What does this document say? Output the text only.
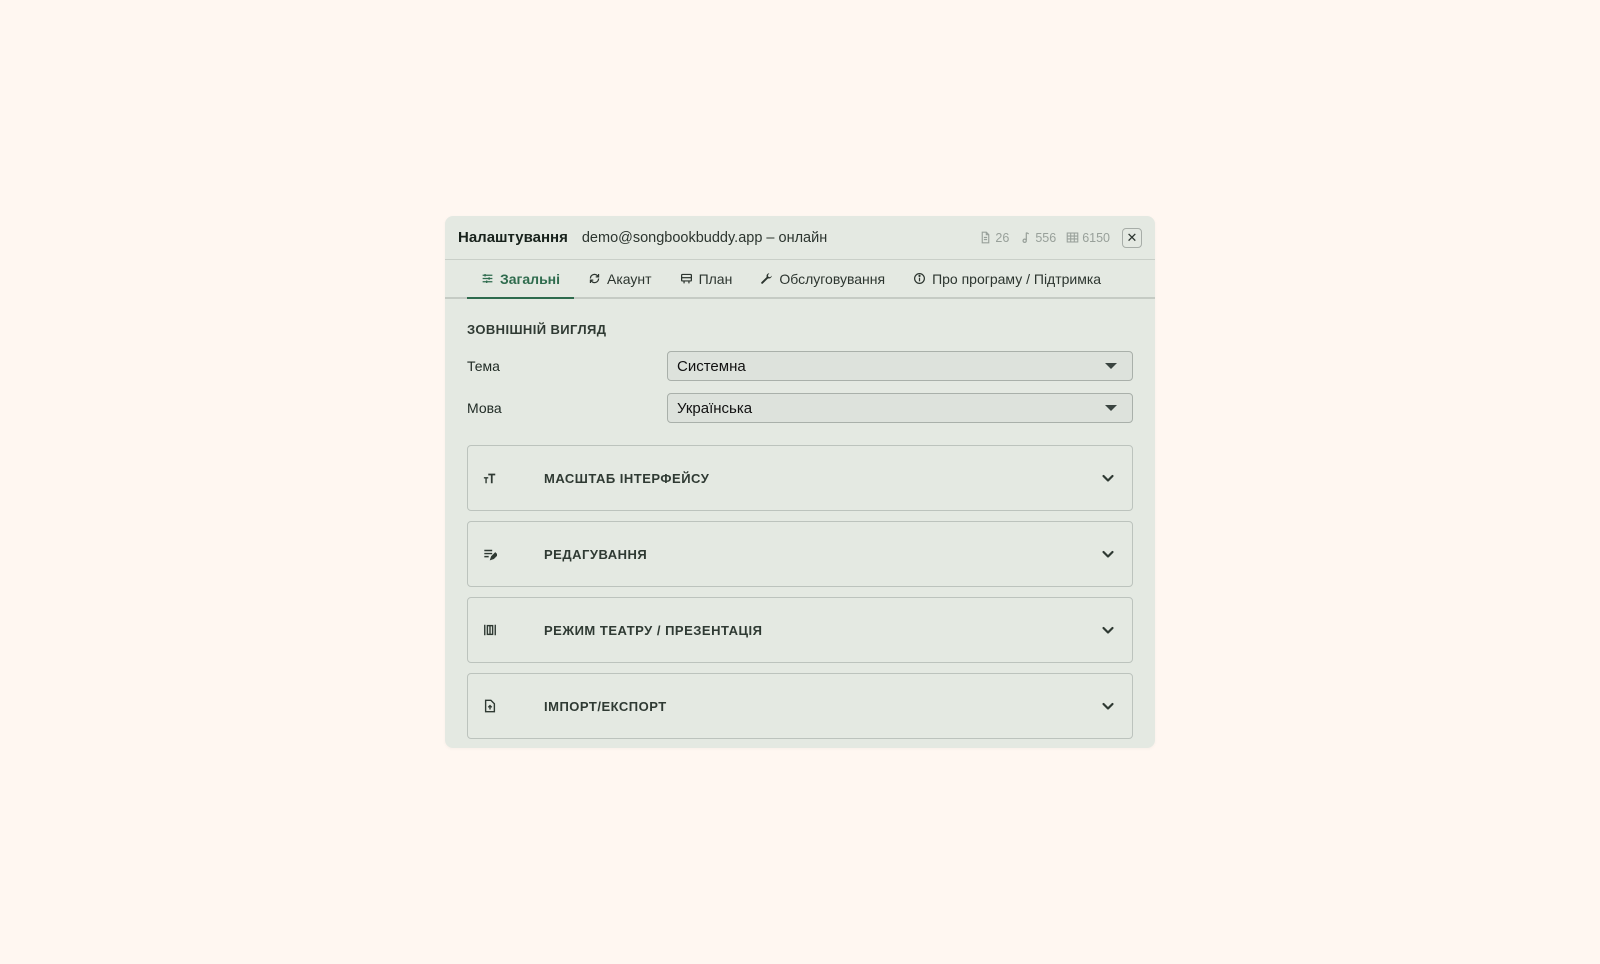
Налаштування demo@songbookbuddy.app – онлайн	26 556 6150 ✕
Загальні	Акаунт	План	Обслуговування	Про програму / Підтримка
ЗОВНІШНІЙ ВИГЛЯД
Тема	Системна
Мова	Українська
МАСШТАБ ІНТЕРФЕЙСУ
РЕДАГУВАННЯ
РЕЖИМ ТЕАТРУ / ПРЕЗЕНТАЦІЯ
ІМПОРТ/ЕКСПОРТ
